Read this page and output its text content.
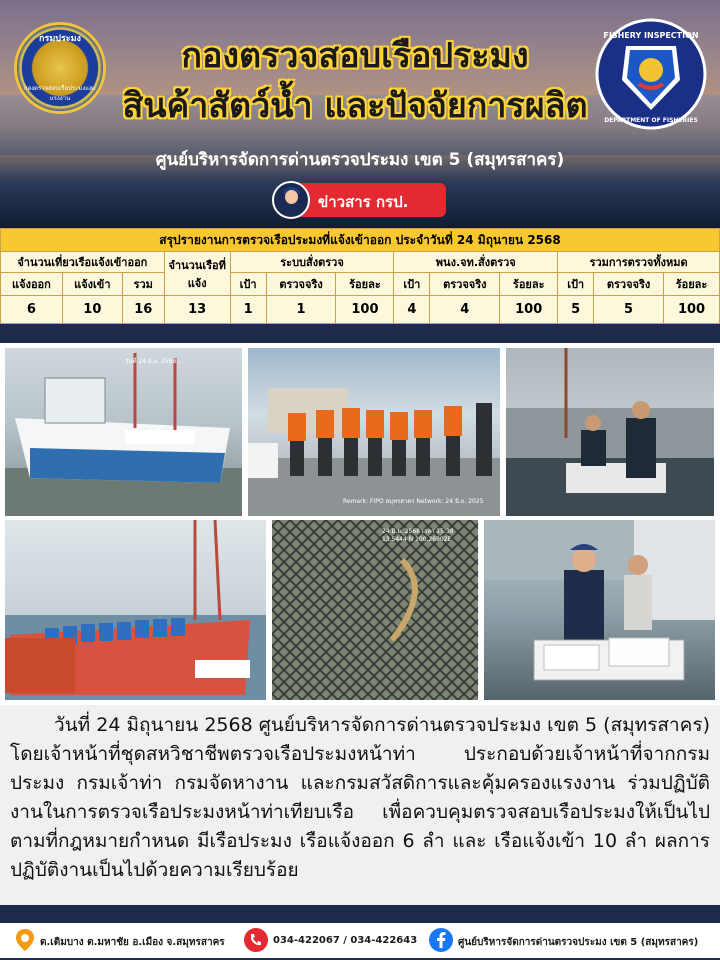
กรมประมง
กองตรวจสอบเรือประมงและแรงงาน
FISHERY INSPECTION
DEPARTMENT OF FISHERIES
กองตรวจสอบเรือประมง
สินค้าสัตว์น้ำ และปัจจัยการผลิต
ศูนย์บริหารจัดการด่านตรวจประมง เขต 5 (สมุทรสาคร)
ข่าวสาร กรป.
สรุปรายงานการตรวจเรือประมงที่แจ้งเข้าออก ประจำวันที่ 24 มิถุนายน 2568												
จำนวนเที่ยวเรือแจ้งเข้าออก			จำนวนเรือที่แจ้ง	ระบบสั่งตรวจ			พนง.จท.สั่งตรวจ			รวมการตรวจทั้งหมด		
แจ้งออก	แจ้งเข้า	รวม		เป้า	ตรวจจริง	ร้อยละ	เป้า	ตรวจจริง	ร้อยละ	เป้า	ตรวจจริง	ร้อยละ
6	10	16	13	1	1	100	4	4	100	5	5	100
วันที่ 24 มิ.ย. 2568 ...
Remark: FIPO สมุทรสาคร Network: 24 มิ.ย. 2025
24 มิ.ย. 2568 เวลา 15:38 13.5444 N 100.26902E

วันที่ 24 มิถุนายน 2568 ศูนย์บริหารจัดการด่านตรวจประมง เขต 5 (สมุทรสาคร) โดยเจ้าหน้าที่ชุดสหวิชาชีพตรวจเรือประมงหน้าท่า ประกอบด้วยเจ้าหน้าที่จากกรมประมง กรมเจ้าท่า กรมจัดหางาน และกรมสวัสดิการและคุ้มครองแรงงาน ร่วมปฏิบัติงานในการตรวจเรือประมงหน้าท่าเทียบเรือ เพื่อควบคุมตรวจสอบเรือประมงให้เป็นไปตามที่กฎหมายกำหนด มีเรือประมง เรือแจ้งออก 6 ลำ และ เรือแจ้งเข้า 10 ลำ ผลการปฏิบัติงานเป็นไปด้วยความเรียบร้อย

ต.เติมบาง ต.มหาชัย อ.เมือง จ.สมุทรสาคร	034-422067 / 034-422643	ศูนย์บริหารจัดการด่านตรวจประมง เขต 5 (สมุทรสาคร)
